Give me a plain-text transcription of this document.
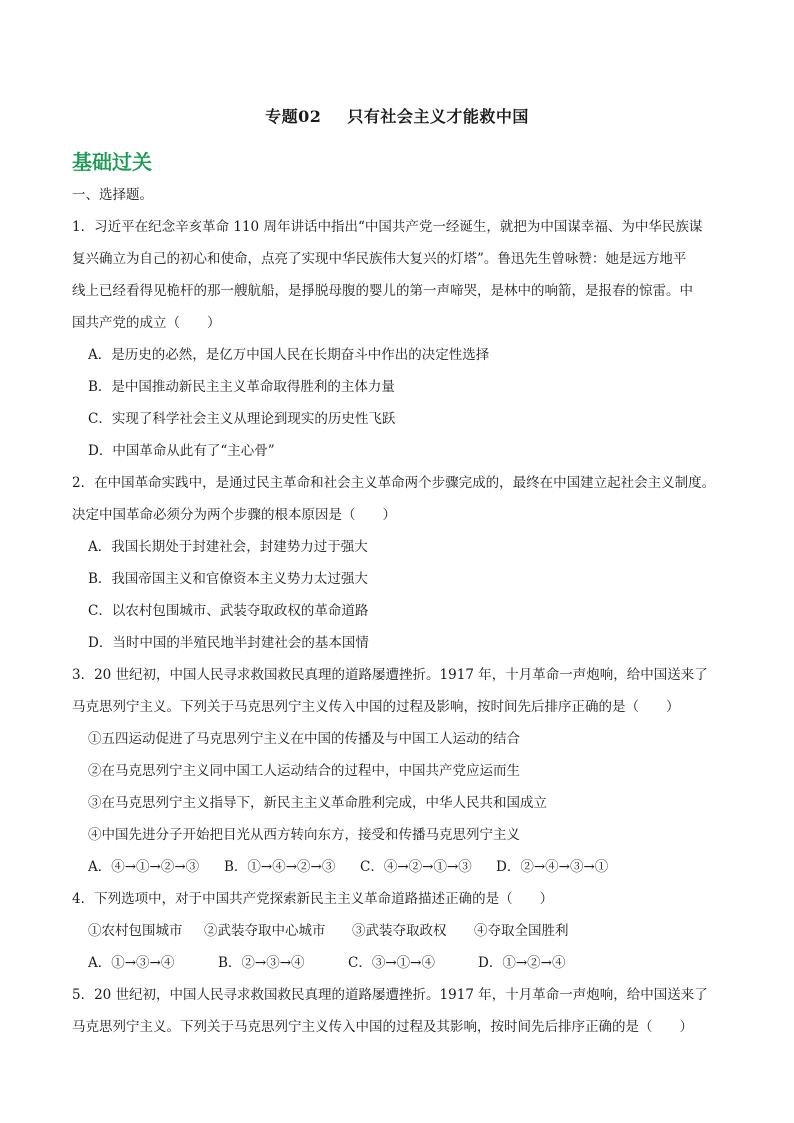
专题02 只有社会主义才能救中国
基础过关
一、选择题。
1．习近平在纪念辛亥革命 110 周年讲话中指出“中国共产党一经诞生，就把为中国谋幸福、为中华民族谋
复兴确立为自己的初心和使命，点亮了实现中华民族伟大复兴的灯塔”。鲁迅先生曾咏赞：她是远方地平
线上已经看得见桅杆的那一艘航船，是掙脱母腹的婴儿的第一声啼哭，是林中的响箭，是报春的惊雷。中
国共产党的成立（　　）
A．是历史的必然，是亿万中国人民在长期奋斗中作出的决定性选择
B．是中国推动新民主主义革命取得胜利的主体力量
C．实现了科学社会主义从理论到现实的历史性飞跃
D．中国革命从此有了“主心骨”
2．在中国革命实践中，是通过民主革命和社会主义革命两个步骤完成的，最终在中国建立起社会主义制度。
决定中国革命必须分为两个步骤的根本原因是（　　）
A．我国长期处于封建社会，封建势力过于强大
B．我国帝国主义和官僚资本主义势力太过强大
C．以农村包围城市、武装夺取政权的革命道路
D．当时中国的半殖民地半封建社会的基本国情
3．20 世纪初，中国人民寻求救国救民真理的道路屡遭挫折。1917 年，十月革命一声炮响，给中国送来了
马克思列宁主义。下列关于马克思列宁主义传入中国的过程及影响，按时间先后排序正确的是（　　）
①五四运动促进了马克思列宁主义在中国的传播及与中国工人运动的结合
②在马克思列宁主义同中国工人运动结合的过程中，中国共产党应运而生
③在马克思列宁主义指导下，新民主主义革命胜利完成，中华人民共和国成立
④中国先进分子开始把目光从西方转向东方，接受和传播马克思列宁主义
A．④→①→②→③ B．①→④→②→③ C．④→②→①→③ D．②→④→③→①
4．下列选项中，对于中国共产党探索新民主主义革命道路描述正确的是（　　）
①农村包围城市 ②武装夺取中心城市 ③武装夺取政权 ④夺取全国胜利
A．①→③→④	B．②→③→④	C．③→①→④	D．①→②→④
5．20 世纪初，中国人民寻求救国救民真理的道路屡遭挫折。1917 年，十月革命一声炮响，给中国送来了
马克思列宁主义。下列关于马克思列宁主义传入中国的过程及其影响，按时间先后排序正确的是（　　）
